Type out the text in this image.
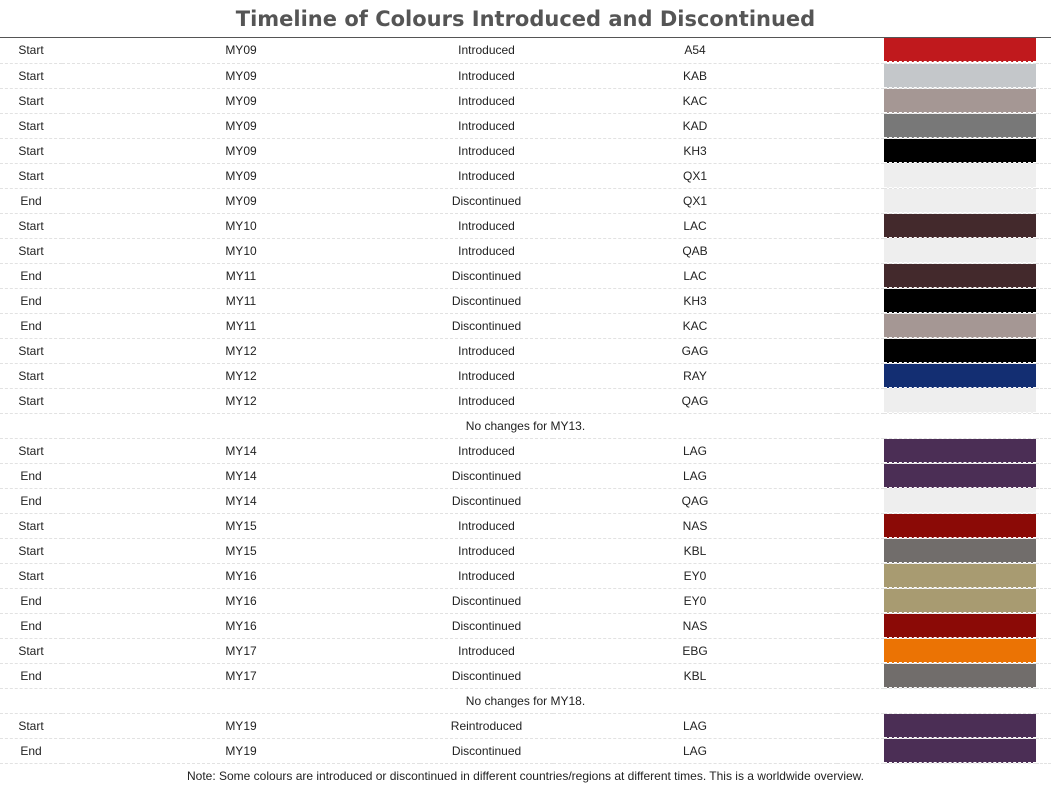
Timeline of Colours Introduced and Discontinued
Start	MY09	Introduced	A54		

Start	MY09	Introduced	KAB		

Start	MY09	Introduced	KAC		

Start	MY09	Introduced	KAD		

Start	MY09	Introduced	KH3		

Start	MY09	Introduced	QX1		

End	MY09	Discontinued	QX1		

Start	MY10	Introduced	LAC		

Start	MY10	Introduced	QAB		

End	MY11	Discontinued	LAC		

End	MY11	Discontinued	KH3		

End	MY11	Discontinued	KAC		

Start	MY12	Introduced	GAG		

Start	MY12	Introduced	RAY		

Start	MY12	Introduced	QAG		

No changes for MY13.						
Start	MY14	Introduced	LAG		

End	MY14	Discontinued	LAG		

End	MY14	Discontinued	QAG		

Start	MY15	Introduced	NAS		

Start	MY15	Introduced	KBL		

Start	MY16	Introduced	EY0		

End	MY16	Discontinued	EY0		

End	MY16	Discontinued	NAS		

Start	MY17	Introduced	EBG		

End	MY17	Discontinued	KBL		

No changes for MY18.						
Start	MY19	Reintroduced	LAG		

End	MY19	Discontinued	LAG		

Note: Some colours are introduced or discontinued in different countries/regions at different times. This is a worldwide overview.						
